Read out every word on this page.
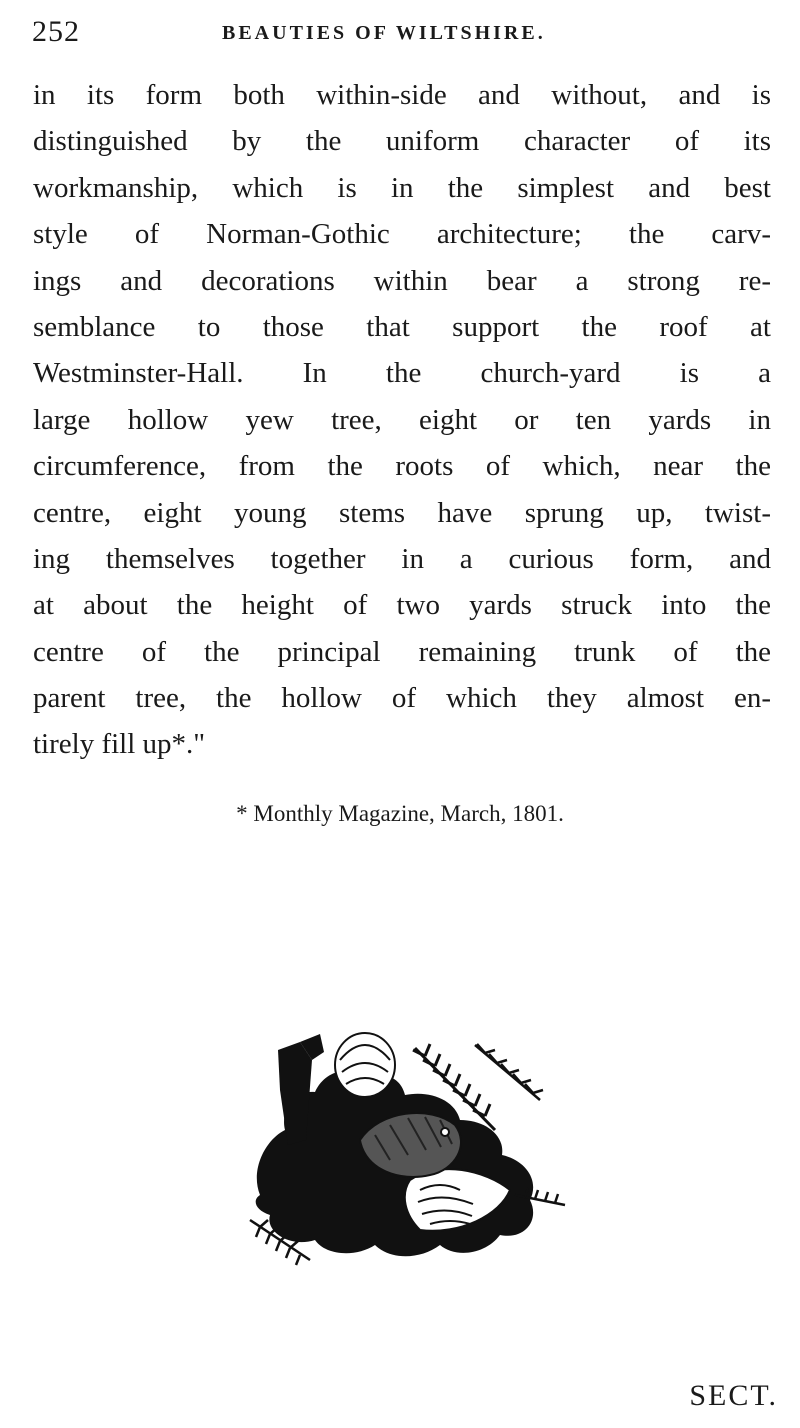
252	BEAUTIES OF WILTSHIRE.
in its form both within-side and without, and is
distinguished by the uniform character of its
workmanship, which is in the simplest and best
style of Norman-Gothic architecture; the carv-
ings and decorations within bear a strong re-
semblance to those that support the roof at
Westminster-Hall. In the church-yard is a
large hollow yew tree, eight or ten yards in
circumference, from the roots of which, near the
centre, eight young stems have sprung up, twist-
ing themselves together in a curious form, and
at about the height of two yards struck into the
centre of the principal remaining trunk of the
parent tree, the hollow of which they almost en-
tirely fill up*."
* Monthly Magazine, March, 1801.
SECT.
